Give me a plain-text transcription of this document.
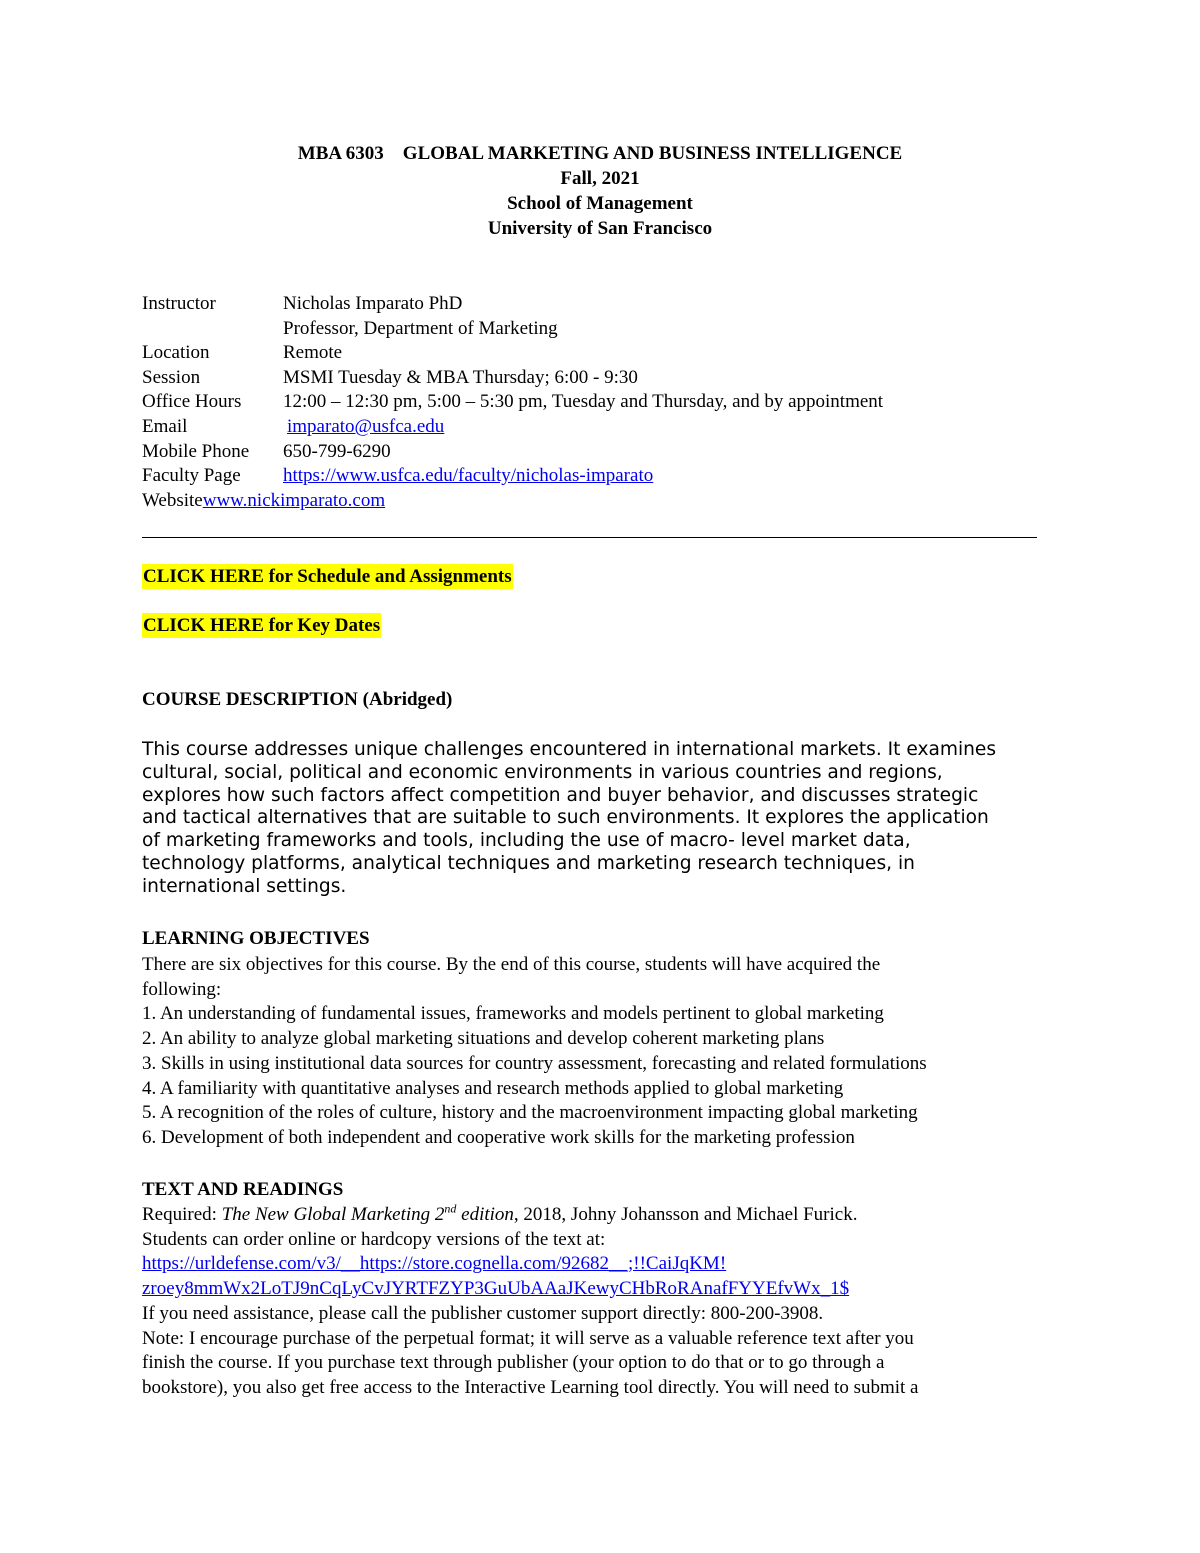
MBA 6303    GLOBAL MARKETING AND BUSINESS INTELLIGENCE
Fall, 2021
School of Management
University of San Francisco
Instructor	Nicholas Imparato PhD
Professor, Department of Marketing
Location	Remote
Session	MSMI Tuesday & MBA Thursday; 6:00 - 9:30
Office Hours	12:00 – 12:30 pm, 5:00 – 5:30 pm, Tuesday and Thursday, and by appointment
Email	imparato@usfca.edu
Mobile Phone	650-799-6290
Faculty Page	https://www.usfca.edu/faculty/nicholas-imparato
Website www.nickimparato.com
CLICK HERE for Schedule and Assignments
CLICK HERE for Key Dates
COURSE DESCRIPTION (Abridged)
This course addresses unique challenges encountered in international markets. It examines
cultural, social, political and economic environments in various countries and regions,
explores how such factors affect competition and buyer behavior, and discusses strategic
and tactical alternatives that are suitable to such environments. It explores the application
of marketing frameworks and tools, including the use of macro- level market data,
technology platforms, analytical techniques and marketing research techniques, in
international settings.
LEARNING OBJECTIVES

There are six objectives for this course. By the end of this course, students will have acquired the

following:

1. An understanding of fundamental issues, frameworks and models pertinent to global marketing

2. An ability to analyze global marketing situations and develop coherent marketing plans

3. Skills in using institutional data sources for country assessment, forecasting and related formulations

4. A familiarity with quantitative analyses and research methods applied to global marketing

5. A recognition of the roles of culture, history and the macroenvironment impacting global marketing

6. Development of both independent and cooperative work skills for the marketing profession

TEXT AND READINGS

Required: The New Global Marketing 2nd edition, 2018, Johny Johansson and Michael Furick.

Students can order online or hardcopy versions of the text at:

https://urldefense.com/v3/__https://store.cognella.com/92682__;!!CaiJqKM!

zroey8mmWx2LoTJ9nCqLyCvJYRTFZYP3GuUbAAaJKewyCHbRoRAnafFYYEfvWx_1$

If you need assistance, please call the publisher customer support directly: 800-200-3908.

Note: I encourage purchase of the perpetual format; it will serve as a valuable reference text after you

finish the course. If you purchase text through publisher (your option to do that or to go through a

bookstore), you also get free access to the Interactive Learning tool directly. You will need to submit a
